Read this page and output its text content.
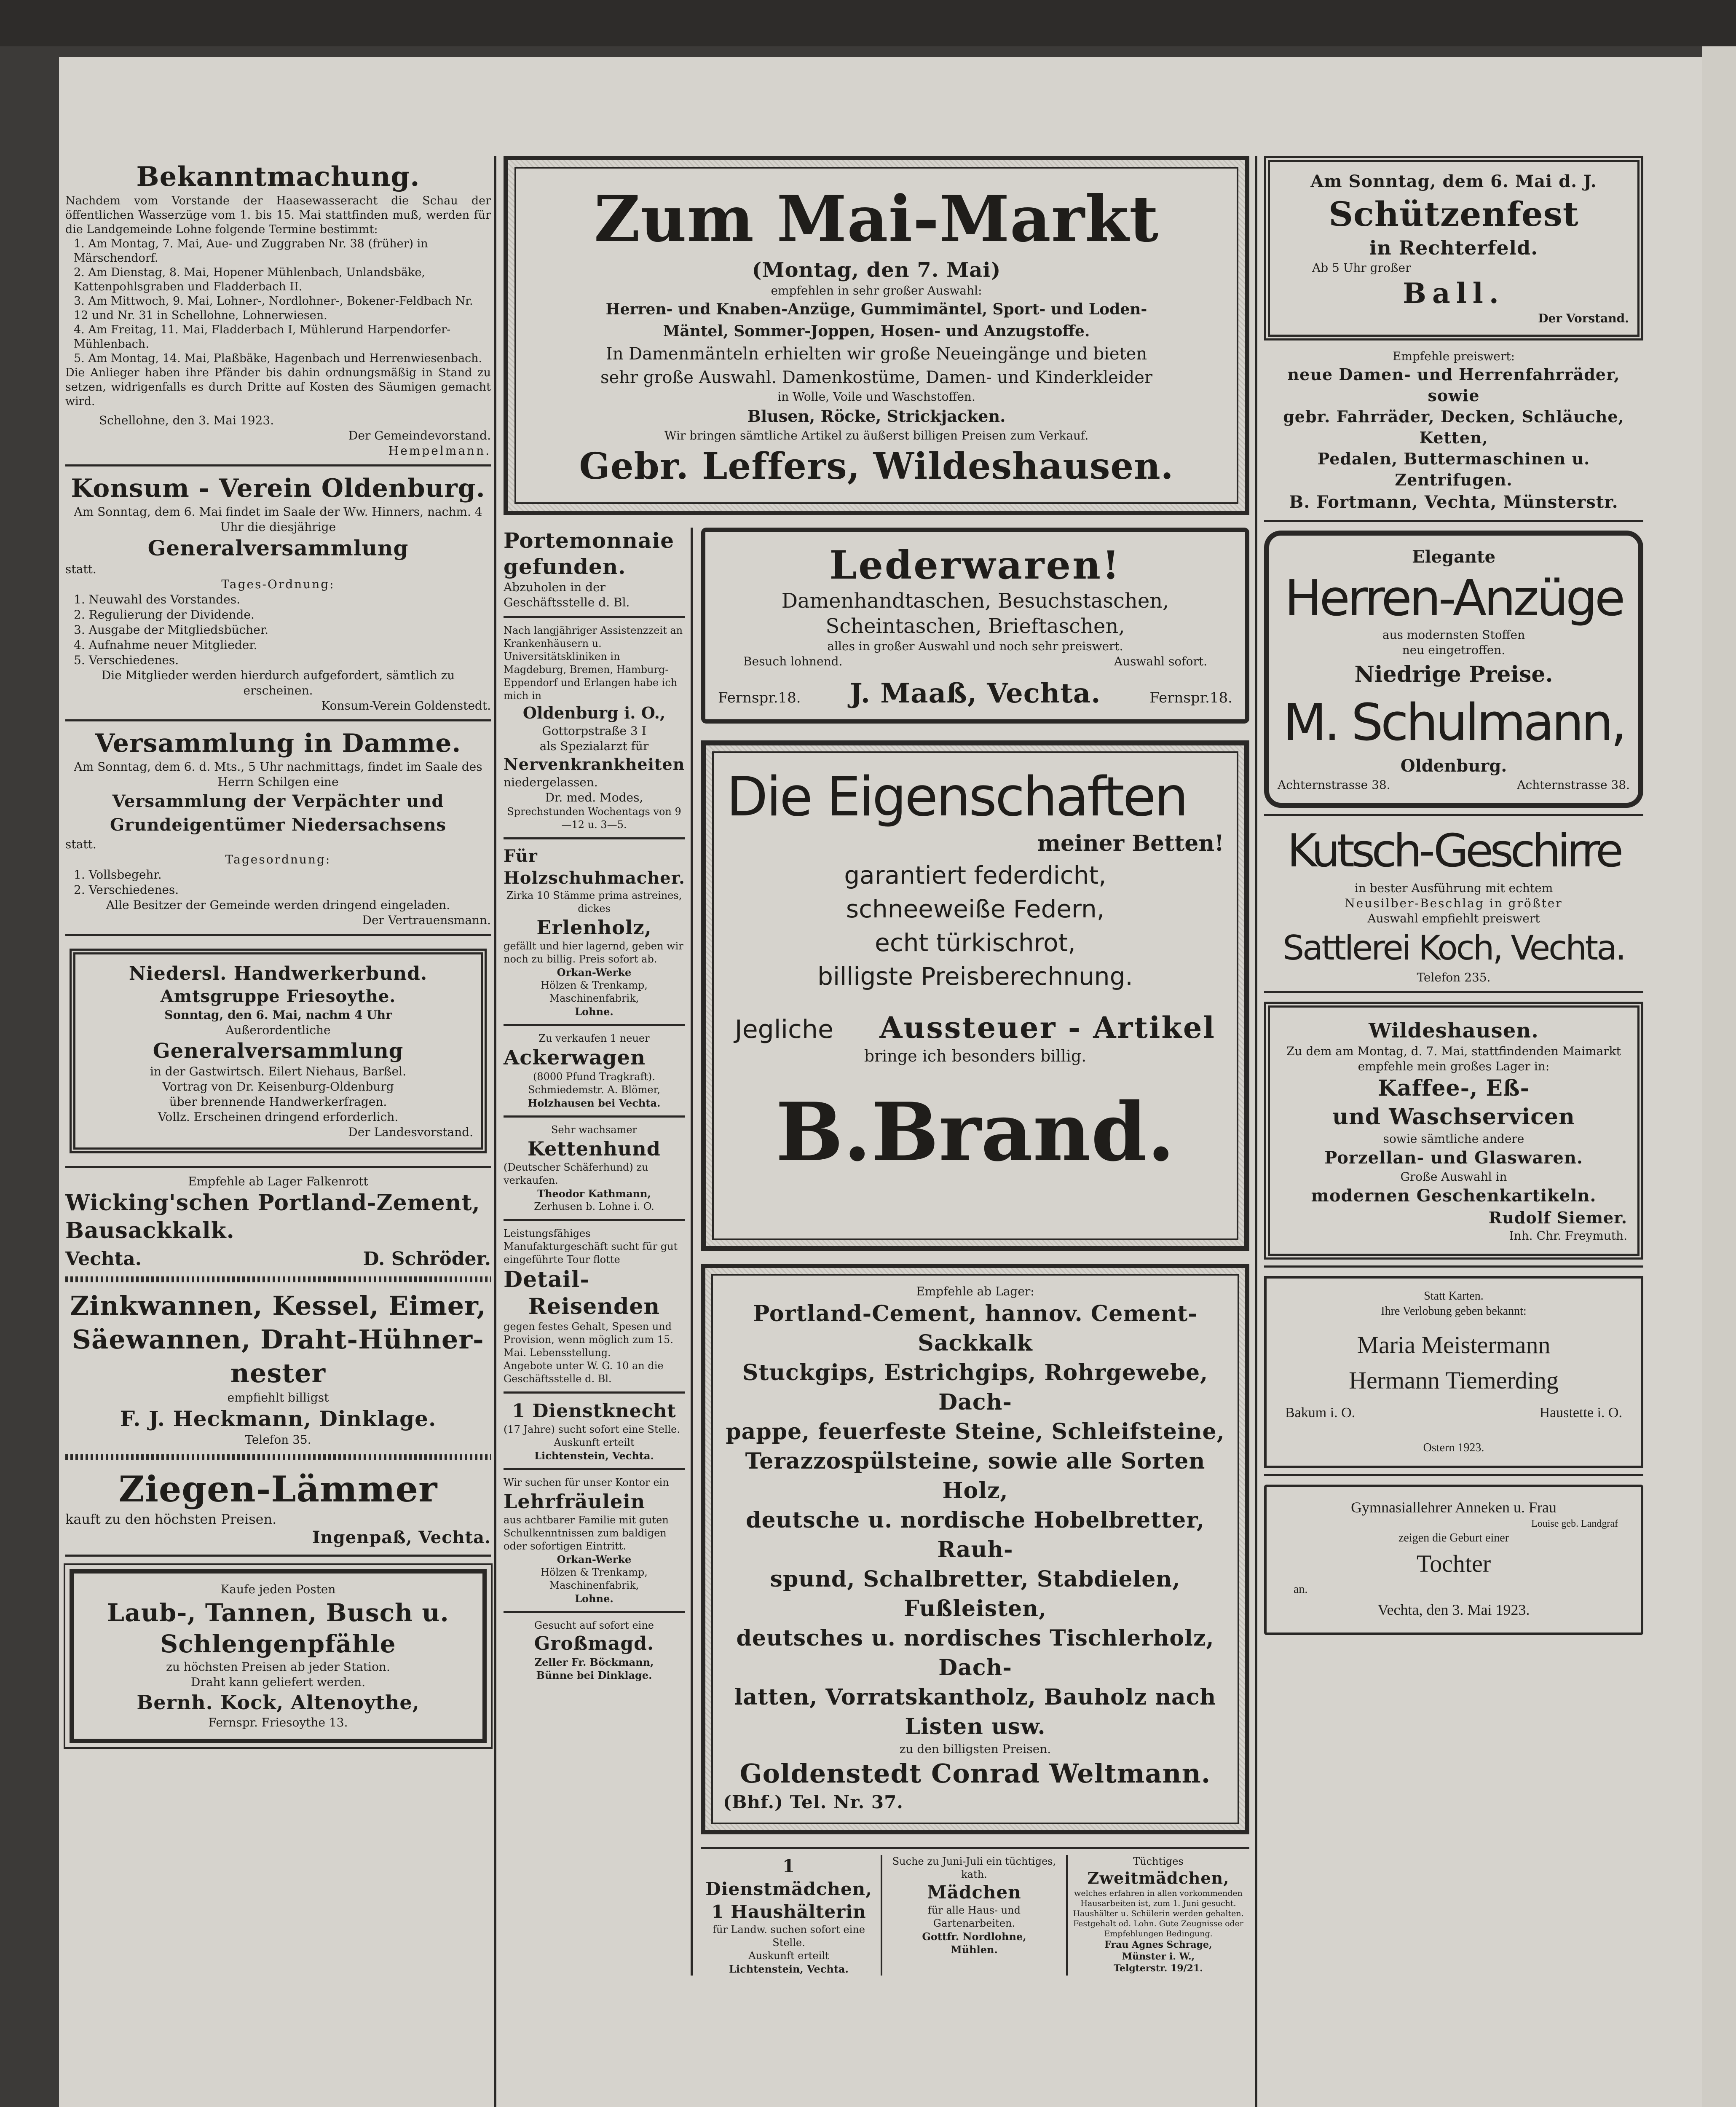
Bekanntmachung.
Nachdem vom Vorstande der Haasewasseracht die Schau der öffentlichen Wasserzüge vom 1. bis 15. Mai stattfinden muß, werden für die Landgemeinde Lohne folgende Termine bestimmt:
1. Am Montag, 7. Mai, Aue- und Zuggraben Nr. 38 (früher) in Märschendorf.
2. Am Dienstag, 8. Mai, Hopener Mühlenbach, Unlandsbäke, Kattenpohlsgraben und Fladderbach II.
3. Am Mittwoch, 9. Mai, Lohner-, Nordlohner-, Bokener-Feldbach Nr. 12 und Nr. 31 in Schellohne, Lohnerwiesen.
4. Am Freitag, 11. Mai, Fladderbach I, Mühlerund Harpendorfer-Mühlenbach.
5. Am Montag, 14. Mai, Plaßbäke, Hagenbach und Herrenwiesenbach.
Die Anlieger haben ihre Pfänder bis dahin ordnungsmäßig in Stand zu setzen, widrigenfalls es durch Dritte auf Kosten des Säumigen gemacht wird.
Schellohne, den 3. Mai 1923.
Der Gemeindevorstand.
Hempelmann.
Konsum - Verein Oldenburg.
Am Sonntag, dem 6. Mai findet im Saale der Ww. Hinners, nachm. 4 Uhr die diesjährige
Generalversammlung
statt.
Tages-Ordnung:
1. Neuwahl des Vorstandes.
2. Regulierung der Dividende.
3. Ausgabe der Mitgliedsbücher.
4. Aufnahme neuer Mitglieder.
5. Verschiedenes.
Die Mitglieder werden hierdurch aufgefordert, sämtlich zu erscheinen.
Konsum-Verein Goldenstedt.
Versammlung in Damme.
Am Sonntag, dem 6. d. Mts., 5 Uhr nachmittags, findet im Saale des Herrn Schilgen eine
Versammlung der Verpächter und
Grundeigentümer Niedersachsens
statt.
Tagesordnung:
1. Vollsbegehr.
2. Verschiedenes.
Alle Besitzer der Gemeinde werden dringend eingeladen.
Der Vertrauensmann.
Niedersl. Handwerkerbund.
Amtsgruppe Friesoythe.
Sonntag, den 6. Mai, nachm 4 Uhr
Außerordentliche
Generalversammlung
in der Gastwirtsch. Eilert Niehaus, Barßel.
Vortrag von Dr. Keisenburg-Oldenburg
über brennende Handwerkerfragen.
Vollz. Erscheinen dringend erforderlich.
Der Landesvorstand.
Empfehle ab Lager Falkenrott
Wicking'schen Portland-Zement,
Bausackkalk.
Vechta.	D. Schröder.
Zinkwannen, Kessel, Eimer,
Säewannen, Draht-Hühner-
nester
empfiehlt billigst
F. J. Heckmann, Dinklage.
Telefon 35.
Ziegen-Lämmer
kauft zu den höchsten Preisen.
Ingenpaß, Vechta.
Kaufe jeden Posten
Laub-, Tannen, Busch u.
Schlengenpfähle
zu höchsten Preisen ab jeder Station.
Draht kann geliefert werden.
Bernh. Kock, Altenoythe,
Fernspr. Friesoythe 13.
Zum Mai-Markt
(Montag, den 7. Mai)
empfehlen in sehr großer Auswahl:
Herren- und Knaben-Anzüge, Gummimäntel, Sport- und Loden-
Mäntel, Sommer-Joppen, Hosen- und Anzugstoffe.
In Damenmänteln erhielten wir große Neueingänge und bieten
sehr große Auswahl. Damenkostüme, Damen- und Kinderkleider
in Wolle, Voile und Waschstoffen.
Blusen, Röcke, Strickjacken.
Wir bringen sämtliche Artikel zu äußerst billigen Preisen zum Verkauf.
Gebr. Leffers, Wildeshausen.
Portemonnaie gefunden.
Abzuholen in der Geschäftsstelle d. Bl.
Nach langjähriger Assistenzzeit an Krankenhäusern u. Universitätskliniken in Magdeburg, Bremen, Hamburg-Eppendorf und Erlangen habe ich mich in
Oldenburg i. O.,
Gottorpstraße 3 I
als Spezialarzt für
Nervenkrankheiten
niedergelassen.
Dr. med. Modes,
Sprechstunden Wochentags von 9—12 u. 3—5.
Für Holzschuhmacher.
Zirka 10 Stämme prima astreines, dickes
Erlenholz,
gefällt und hier lagernd, geben wir noch zu billig. Preis sofort ab.
Orkan-Werke
Hölzen & Trenkamp,
Maschinenfabrik,
Lohne.
Zu verkaufen 1 neuer
Ackerwagen
(8000 Pfund Tragkraft).
Schmiedemstr. A. Blömer,
Holzhausen bei Vechta.
Sehr wachsamer
Kettenhund
(Deutscher Schäferhund) zu verkaufen.
Theodor Kathmann,
Zerhusen b. Lohne i. O.
Leistungsfähiges Manufakturgeschäft sucht für gut eingeführte Tour flotte
Detail-
Reisenden
gegen festes Gehalt, Spesen und Provision, wenn möglich zum 15. Mai. Lebensstellung.
Angebote unter W. G. 10 an die Geschäftsstelle d. Bl.
1 Dienstknecht
(17 Jahre) sucht sofort eine Stelle.
Auskunft erteilt
Lichtenstein, Vechta.
Wir suchen für unser Kontor ein
Lehrfräulein
aus achtbarer Familie mit guten Schulkenntnissen zum baldigen oder sofortigen Eintritt.
Orkan-Werke
Hölzen & Trenkamp,
Maschinenfabrik,
Lohne.
Gesucht auf sofort eine
Großmagd.
Zeller Fr. Böckmann,
Bünne bei Dinklage.
Lederwaren!
Damenhandtaschen, Besuchstaschen,
Scheintaschen, Brieftaschen,
alles in großer Auswahl und noch sehr preiswert.
Besuch lohnend.	Auswahl sofort.
Fernspr.18. J. Maaß, Vechta.	Fernspr.18.
Die Eigenschaften
meiner Betten!
garantiert federdicht,
schneeweiße Federn,
echt türkischrot,
billigste Preisberechnung.
Jegliche Aussteuer - Artikel
bringe ich besonders billig.
B.Brand.
Empfehle ab Lager:
Portland-Cement, hannov. Cement-Sackkalk
Stuckgips, Estrichgips, Rohrgewebe, Dach-
pappe, feuerfeste Steine, Schleifsteine,
Terazzospülsteine, sowie alle Sorten Holz,
deutsche u. nordische Hobelbretter, Rauh-
spund, Schalbretter, Stabdielen, Fußleisten,
deutsches u. nordisches Tischlerholz, Dach-
latten, Vorratskantholz, Bauholz nach
Listen usw.
zu den billigsten Preisen.
Goldenstedt Conrad Weltmann.
(Bhf.) Tel. Nr. 37.
1 Dienstmädchen,
1 Haushälterin
für Landw. suchen sofort eine Stelle.
Auskunft erteilt
Lichtenstein, Vechta.
Suche zu Juni-Juli ein tüchtiges, kath.
Mädchen
für alle Haus- und Gartenarbeiten.
Gottfr. Nordlohne,
Mühlen.
Tüchtiges
Zweitmädchen,
welches erfahren in allen vorkommenden Hausarbeiten ist, zum 1. Juni gesucht. Haushälter u. Schülerin werden gehalten. Festgehalt od. Lohn. Gute Zeugnisse oder Empfehlungen Bedingung.
Frau Agnes Schrage,
Münster i. W.,
Telgterstr. 19/21.
Am Sonntag, dem 6. Mai d. J.
Schützenfest
in Rechterfeld.
Ab 5 Uhr großer
Ball.
Der Vorstand.
Empfehle preiswert:
neue Damen- und Herrenfahrräder, sowie
gebr. Fahrräder, Decken, Schläuche, Ketten,
Pedalen, Buttermaschinen u. Zentrifugen.
B. Fortmann, Vechta, Münsterstr.
Elegante
Herren-Anzüge
aus modernsten Stoffen
neu eingetroffen.
Niedrige Preise.
M. Schulmann,
Oldenburg.
Achternstrasse 38.	Achternstrasse 38.
Kutsch-Geschirre
in bester Ausführung mit echtem
Neusilber-Beschlag in größter
Auswahl empfiehlt preiswert
Sattlerei Koch, Vechta.
Telefon 235.
Wildeshausen.
Zu dem am Montag, d. 7. Mai, stattfindenden Maimarkt empfehle mein großes Lager in:
Kaffee-, Eß-
und Waschservicen
sowie sämtliche andere
Porzellan- und Glaswaren.
Große Auswahl in
modernen Geschenkartikeln.
Rudolf Siemer.
Inh. Chr. Freymuth.
Statt Karten.
Ihre Verlobung geben bekannt:
Maria Meistermann
Hermann Tiemerding
Bakum i. O.	Haustette i. O.
Ostern 1923.
Gymnasiallehrer Anneken u. Frau
Louise geb. Landgraf
zeigen die Geburt einer
Tochter
an.
Vechta, den 3. Mai 1923.
